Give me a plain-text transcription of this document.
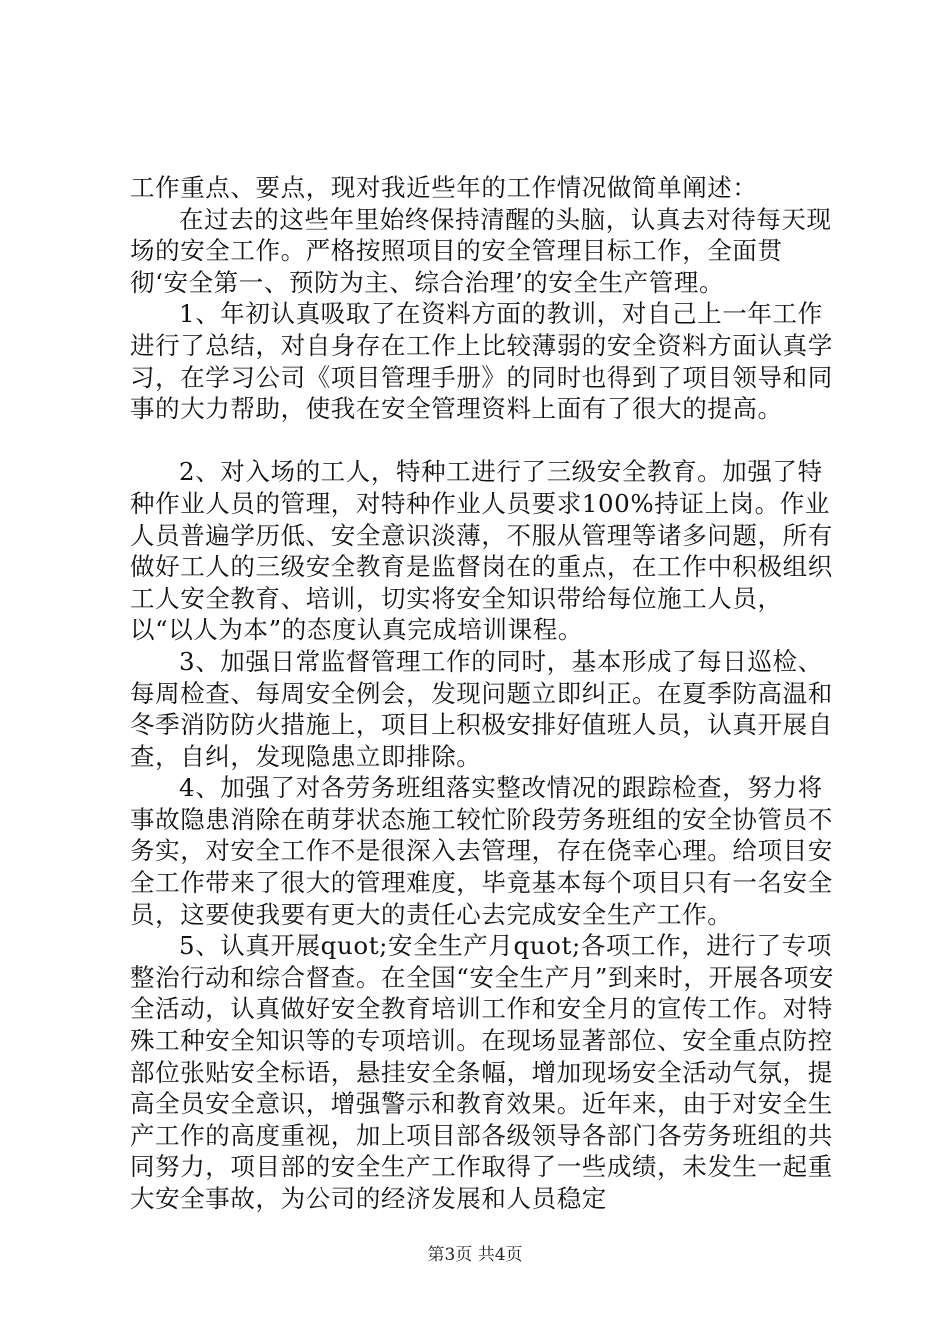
工作重点、要点，现对我近些年的工作情况做简单阐述：

在过去的这些年里始终保持清醒的头脑，认真去对待每天现场的安全工作。严格按照项目的安全管理目标工作，全面贯彻‘安全第一、预防为主、综合治理’的安全生产管理。

1、年初认真吸取了在资料方面的教训，对自己上一年工作进行了总结，对自身存在工作上比较薄弱的安全资料方面认真学习，在学习公司《项目管理手册》的同时也得到了项目领导和同事的大力帮助，使我在安全管理资料上面有了很大的提高。

2、对入场的工人，特种工进行了三级安全教育。加强了特种作业人员的管理，对特种作业人员要求100%持证上岗。作业人员普遍学历低、安全意识淡薄，不服从管理等诸多问题，所有做好工人的三级安全教育是监督岗在的重点，在工作中积极组织工人安全教育、培训，切实将安全知识带给每位施工人员，以“以人为本”的态度认真完成培训课程。

3、加强日常监督管理工作的同时，基本形成了每日巡检、每周检查、每周安全例会，发现问题立即纠正。在夏季防高温和冬季消防防火措施上，项目上积极安排好值班人员，认真开展自查，自纠，发现隐患立即排除。

4、加强了对各劳务班组落实整改情况的跟踪检查，努力将事故隐患消除在萌芽状态施工较忙阶段劳务班组的安全协管员不务实，对安全工作不是很深入去管理，存在侥幸心理。给项目安全工作带来了很大的管理难度，毕竟基本每个项目只有一名安全员，这要使我要有更大的责任心去完成安全生产工作。

5、认真开展quot;安全生产月quot;各项工作，进行了专项整治行动和综合督查。在全国“安全生产月”到来时，开展各项安全活动，认真做好安全教育培训工作和安全月的宣传工作。对特殊工种安全知识等的专项培训。在现场显著部位、安全重点防控部位张贴安全标语，悬挂安全条幅，增加现场安全活动气氛，提高全员安全意识，增强警示和教育效果。近年来，由于对安全生产工作的高度重视，加上项目部各级领导各部门各劳务班组的共同努力，项目部的安全生产工作取得了一些成绩，未发生一起重大安全事故，为公司的经济发展和人员稳定

第3页 共4页
